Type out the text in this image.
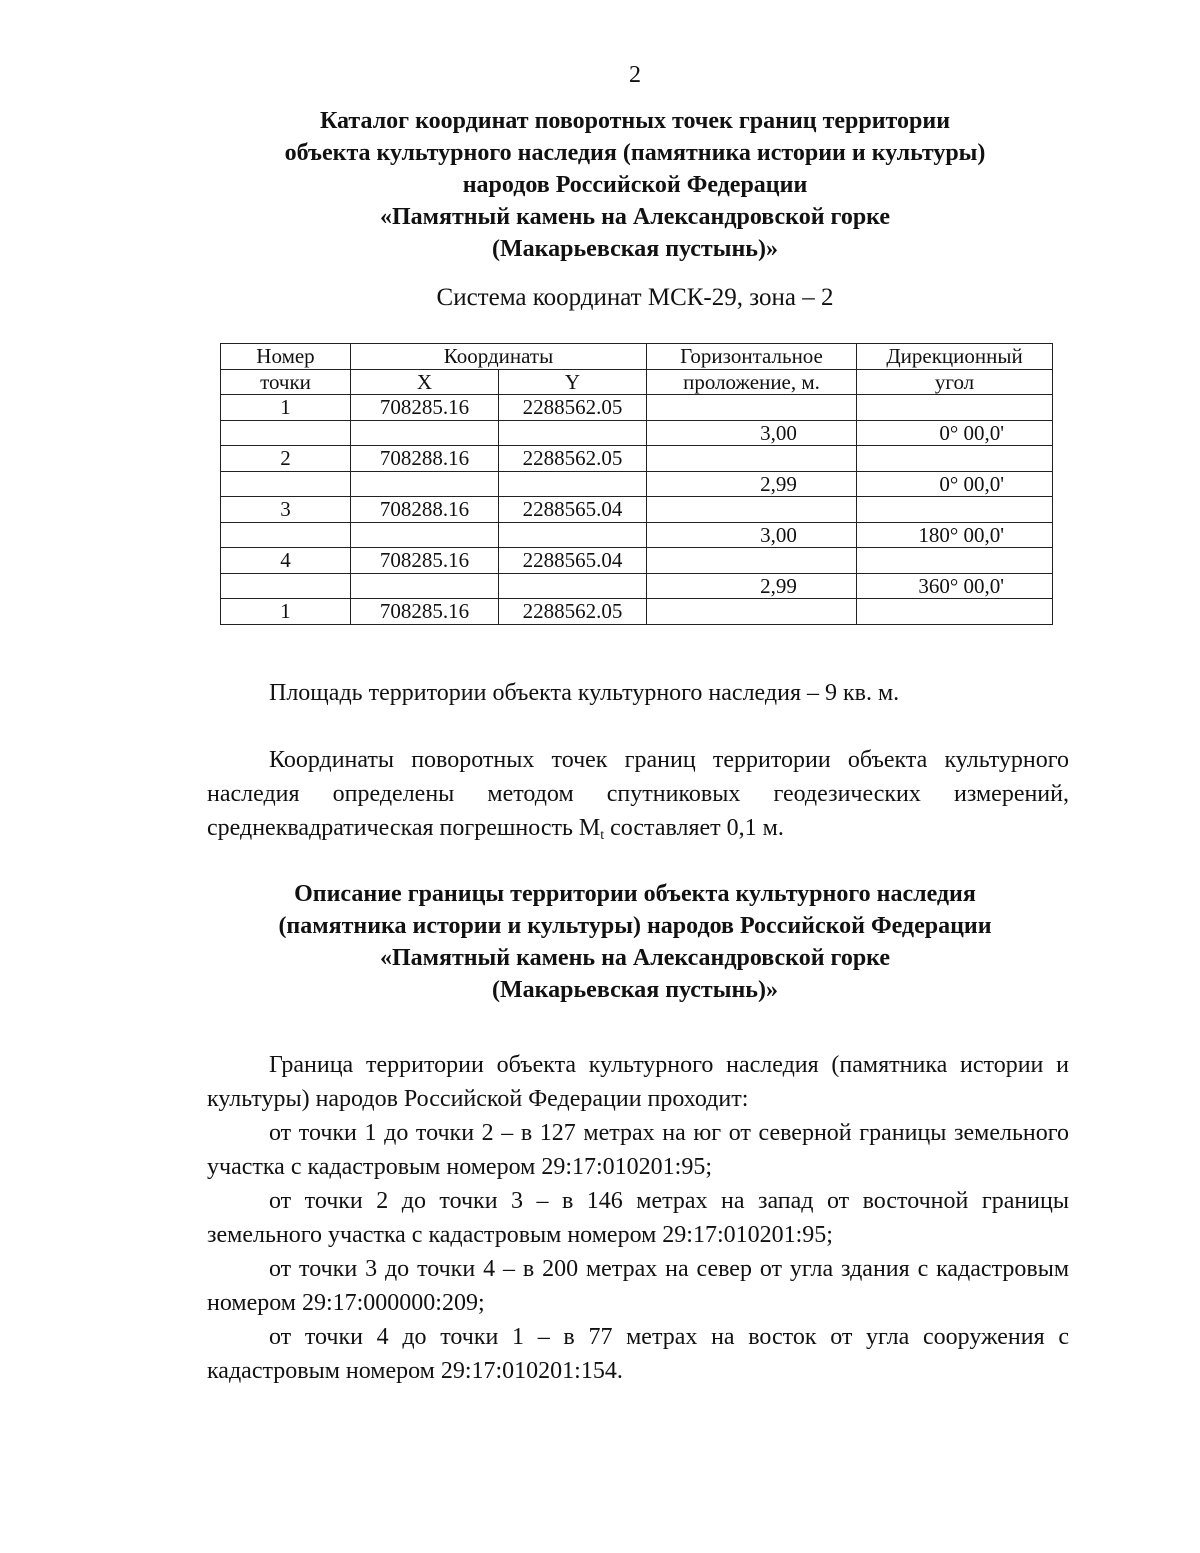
2
Каталог координат поворотных точек границ территории
объекта культурного наследия (памятника истории и культуры)
народов Российской Федерации
«Памятный камень на Александровской горке
(Макарьевская пустынь)»
Система координат МСК-29, зона – 2
Номер	Координаты		Горизонтальное	Дирекционный
точки	X	Y	проложение, м.	угол
1	708285.16	2288562.05		
			3,00	0° 00,0'
2	708288.16	2288562.05		
			2,99	0° 00,0'
3	708288.16	2288565.04		
			3,00	180° 00,0'
4	708285.16	2288565.04		
			2,99	360° 00,0'
1	708285.16	2288562.05		

Площадь территории объекта культурного наследия – 9 кв. м.

Координаты поворотных точек границ территории объекта культурного наследия определены методом спутниковых геодезических измерений, среднеквадратическая погрешность $M_t$ составляет 0,1 м.

Описание границы территории объекта культурного наследия
(памятника истории и культуры) народов Российской Федерации
«Памятный камень на Александровской горке
(Макарьевская пустынь)»

Граница территории объекта культурного наследия (памятника истории и культуры) народов Российской Федерации проходит:

от точки 1 до точки 2 – в 127 метрах на юг от северной границы земельного участка с кадастровым номером 29:17:010201:95;

от точки 2 до точки 3 – в 146 метрах на запад от восточной границы земельного участка с кадастровым номером 29:17:010201:95;

от точки 3 до точки 4 – в 200 метрах на север от угла здания с кадастровым номером 29:17:000000:209;

от точки 4 до точки 1 – в 77 метрах на восток от угла сооружения с кадастровым номером 29:17:010201:154.
